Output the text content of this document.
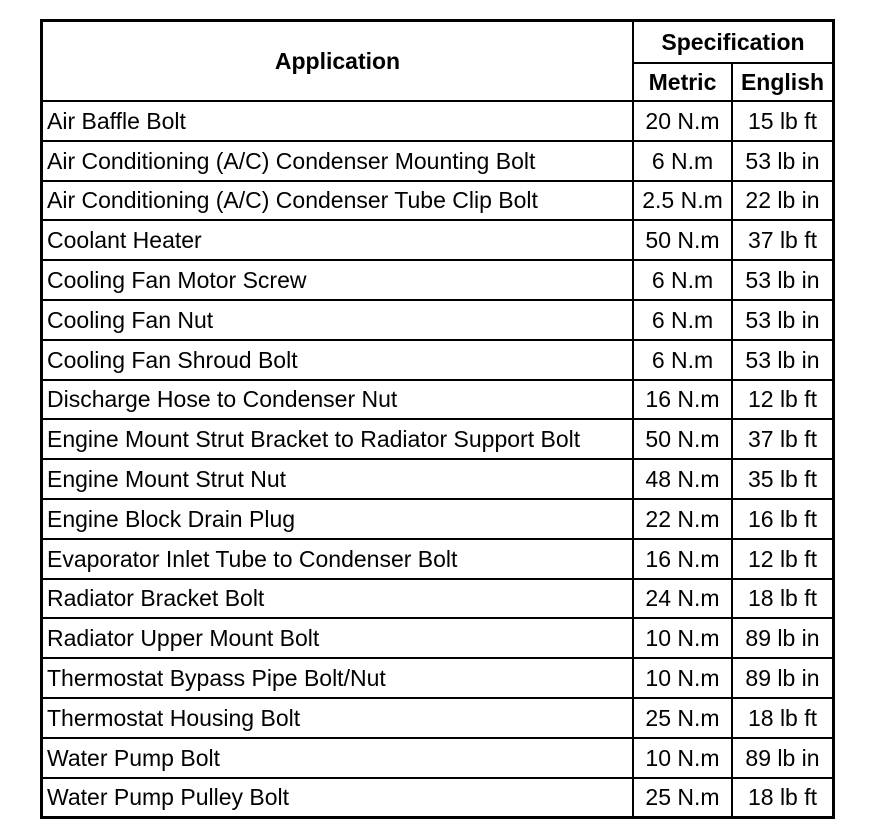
Application	Specification	
	Metric	English
Air Baffle Bolt	20 N.m	15 lb ft
Air Conditioning (A/C) Condenser Mounting Bolt	6 N.m	53 lb in
Air Conditioning (A/C) Condenser Tube Clip Bolt	2.5 N.m	22 lb in
Coolant Heater	50 N.m	37 lb ft
Cooling Fan Motor Screw	6 N.m	53 lb in
Cooling Fan Nut	6 N.m	53 lb in
Cooling Fan Shroud Bolt	6 N.m	53 lb in
Discharge Hose to Condenser Nut	16 N.m	12 lb ft
Engine Mount Strut Bracket to Radiator Support Bolt	50 N.m	37 lb ft
Engine Mount Strut Nut	48 N.m	35 lb ft
Engine Block Drain Plug	22 N.m	16 lb ft
Evaporator Inlet Tube to Condenser Bolt	16 N.m	12 lb ft
Radiator Bracket Bolt	24 N.m	18 lb ft
Radiator Upper Mount Bolt	10 N.m	89 lb in
Thermostat Bypass Pipe Bolt/Nut	10 N.m	89 lb in
Thermostat Housing Bolt	25 N.m	18 lb ft
Water Pump Bolt	10 N.m	89 lb in
Water Pump Pulley Bolt	25 N.m	18 lb ft
